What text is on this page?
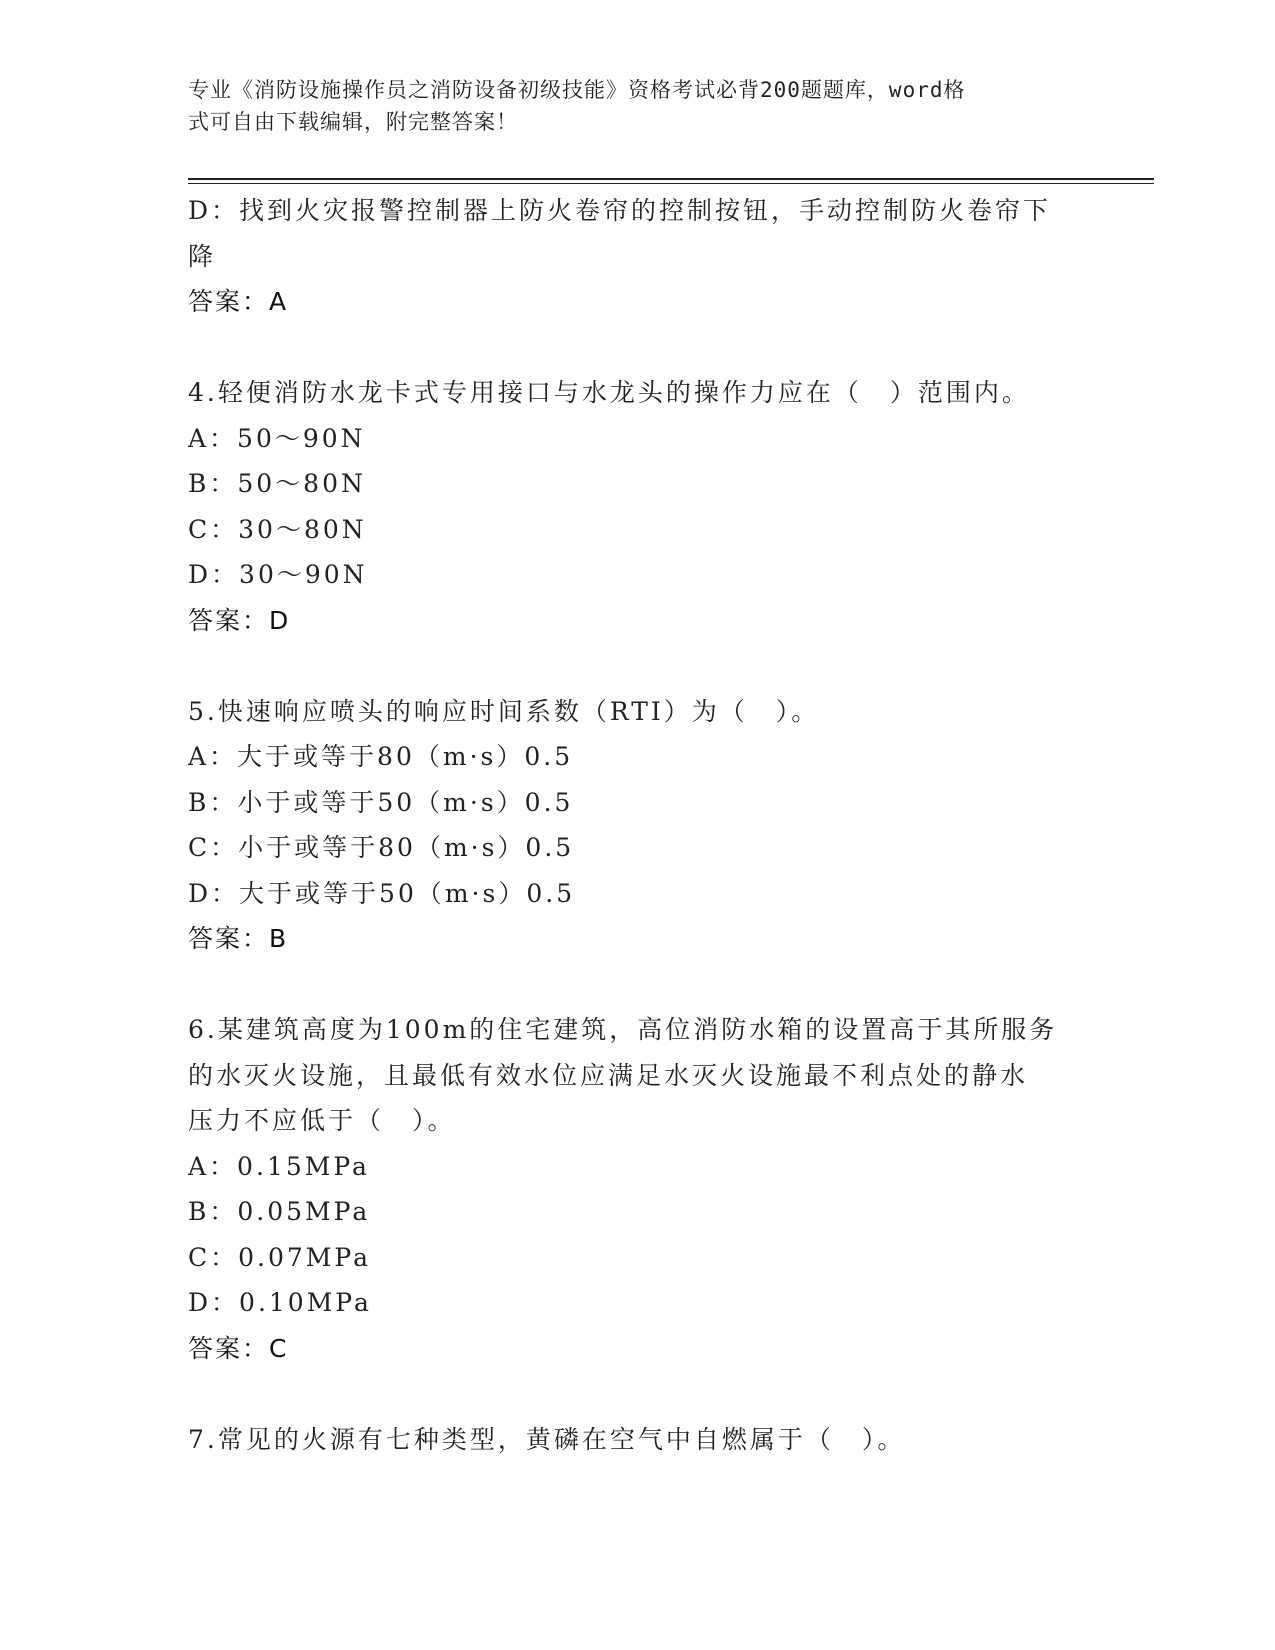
专业《消防设施操作员之消防设备初级技能》资格考试必背200题题库，word格
式可自由下载编辑，附完整答案！
D：找到火灾报警控制器上防火卷帘的控制按钮，手动控制防火卷帘下
降
答案：A
4.轻便消防水龙卡式专用接口与水龙头的操作力应在（　）范围内。
A：50～90N
B：50～80N
C：30～80N
D：30～90N
答案：D
5.快速响应喷头的响应时间系数（RTI）为（　）。
A：大于或等于80（m·s）0.5
B：小于或等于50（m·s）0.5
C：小于或等于80（m·s）0.5
D：大于或等于50（m·s）0.5
答案：B
6.某建筑高度为100m的住宅建筑，高位消防水箱的设置高于其所服务
的水灭火设施，且最低有效水位应满足水灭火设施最不利点处的静水
压力不应低于（　）。
A：0.15MPa
B：0.05MPa
C：0.07MPa
D：0.10MPa
答案：C
7.常见的火源有七种类型，黄磷在空气中自燃属于（　）。
